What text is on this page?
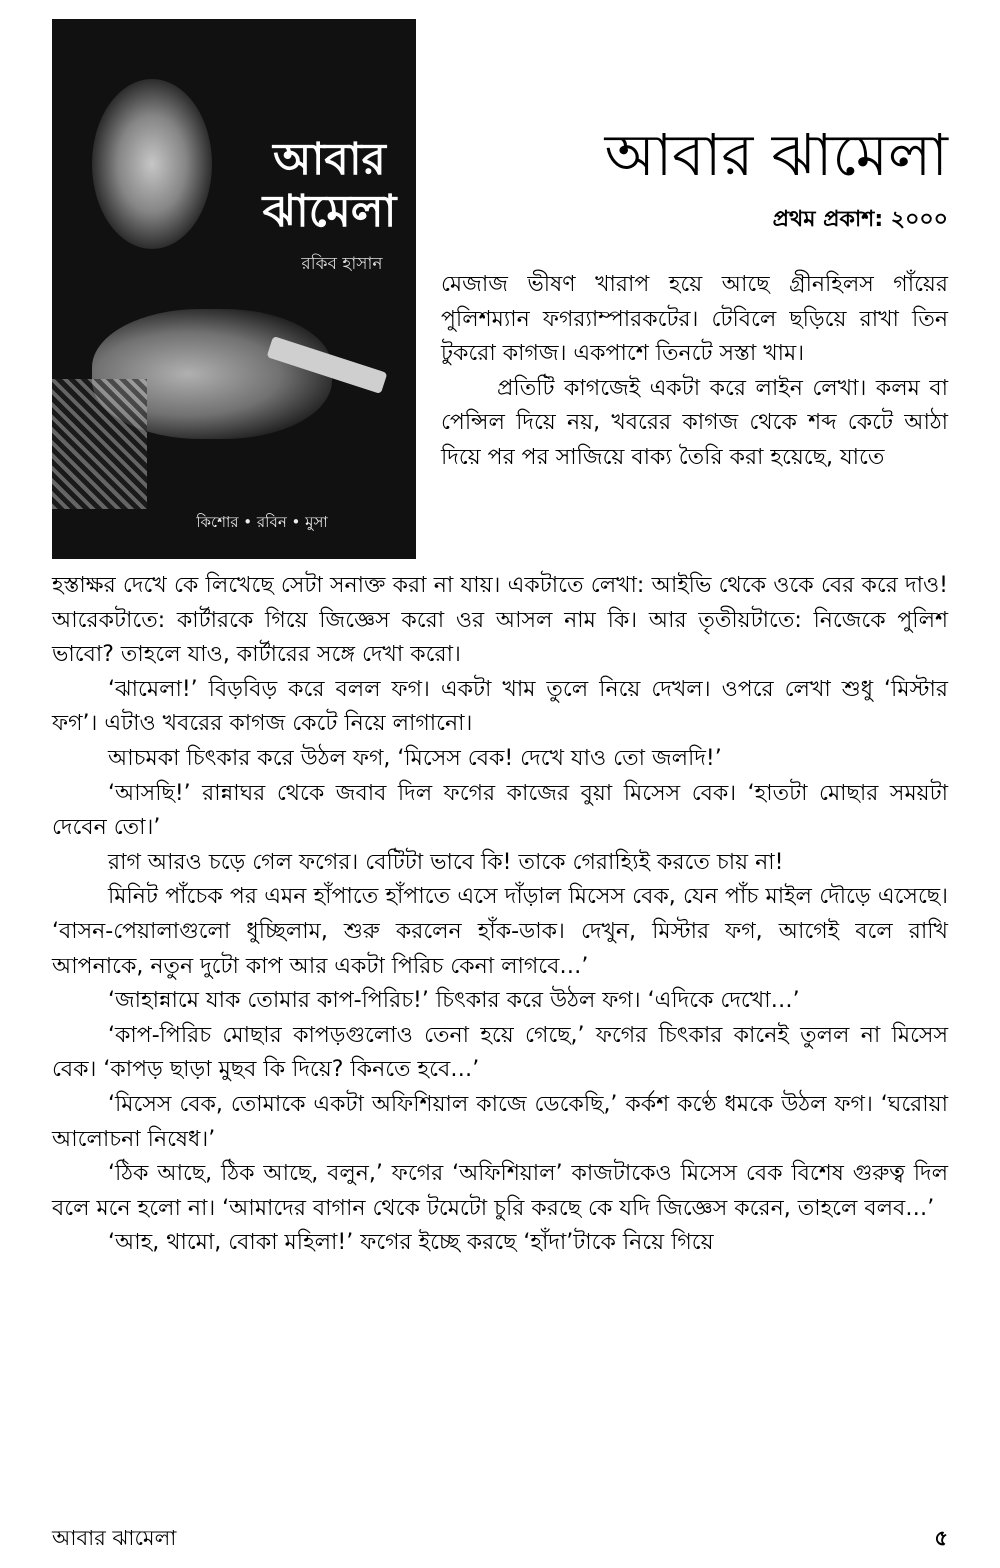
আবার ঝামেলা
রকিব হাসান
কিশোর • রবিন • মুসা
আবার ঝামেলা
প্রথম প্রকাশ: ২০০০

মেজাজ ভীষণ খারাপ হয়ে আছে গ্রীনহিলস গাঁয়ের পুলিশম্যান ফগর‍্যাম্পারকটের। টেবিলে ছড়িয়ে রাখা তিন টুকরো কাগজ। একপাশে তিনটে সস্তা খাম।

প্রতিটি কাগজেই একটা করে লাইন লেখা। কলম বা পেন্সিল দিয়ে নয়, খবরের কাগজ থেকে শব্দ কেটে আঠা দিয়ে পর পর সাজিয়ে বাক্য তৈরি করা হয়েছে, যাতে

হস্তাক্ষর দেখে কে লিখেছে সেটা সনাক্ত করা না যায়। একটাতে লেখা: আইভি থেকে ওকে বের করে দাও! আরেকটাতে: কার্টারকে গিয়ে জিজ্ঞেস করো ওর আসল নাম কি। আর তৃতীয়টাতে: নিজেকে পুলিশ ভাবো? তাহলে যাও, কার্টারের সঙ্গে দেখা করো।

‘ঝামেলা!’ বিড়বিড় করে বলল ফগ। একটা খাম তুলে নিয়ে দেখল। ওপরে লেখা শুধু ‘মিস্টার ফগ’। এটাও খবরের কাগজ কেটে নিয়ে লাগানো।

আচমকা চিৎকার করে উঠল ফগ, ‘মিসেস বেক! দেখে যাও তো জলদি!’

‘আসছি!’ রান্নাঘর থেকে জবাব দিল ফগের কাজের বুয়া মিসেস বেক। ‘হাতটা মোছার সময়টা দেবেন তো।’

রাগ আরও চড়ে গেল ফগের। বেটিটা ভাবে কি! তাকে গেরাহ্যিই করতে চায় না!

মিনিট পাঁচেক পর এমন হাঁপাতে হাঁপাতে এসে দাঁড়াল মিসেস বেক, যেন পাঁচ মাইল দৌড়ে এসেছে। ‘বাসন-পেয়ালাগুলো ধুচ্ছিলাম, শুরু করলেন হাঁক-ডাক। দেখুন, মিস্টার ফগ, আগেই বলে রাখি আপনাকে, নতুন দুটো কাপ আর একটা পিরিচ কেনা লাগবে…’

‘জাহান্নামে যাক তোমার কাপ-পিরিচ!’ চিৎকার করে উঠল ফগ। ‘এদিকে দেখো…’

‘কাপ-পিরিচ মোছার কাপড়গুলোও তেনা হয়ে গেছে,’ ফগের চিৎকার কানেই তুলল না মিসেস বেক। ‘কাপড় ছাড়া মুছব কি দিয়ে? কিনতে হবে…’

‘মিসেস বেক, তোমাকে একটা অফিশিয়াল কাজে ডেকেছি,’ কর্কশ কণ্ঠে ধমকে উঠল ফগ। ‘ঘরোয়া আলোচনা নিষেধ।’

‘ঠিক আছে, ঠিক আছে, বলুন,’ ফগের ‘অফিশিয়াল’ কাজটাকেও মিসেস বেক বিশেষ গুরুত্ব দিল বলে মনে হলো না। ‘আমাদের বাগান থেকে টমেটো চুরি করছে কে যদি জিজ্ঞেস করেন, তাহলে বলব…’

‘আহ, থামো, বোকা মহিলা!’ ফগের ইচ্ছে করছে ‘হাঁদা’টাকে নিয়ে গিয়ে

আবার ঝামেলা	৫
